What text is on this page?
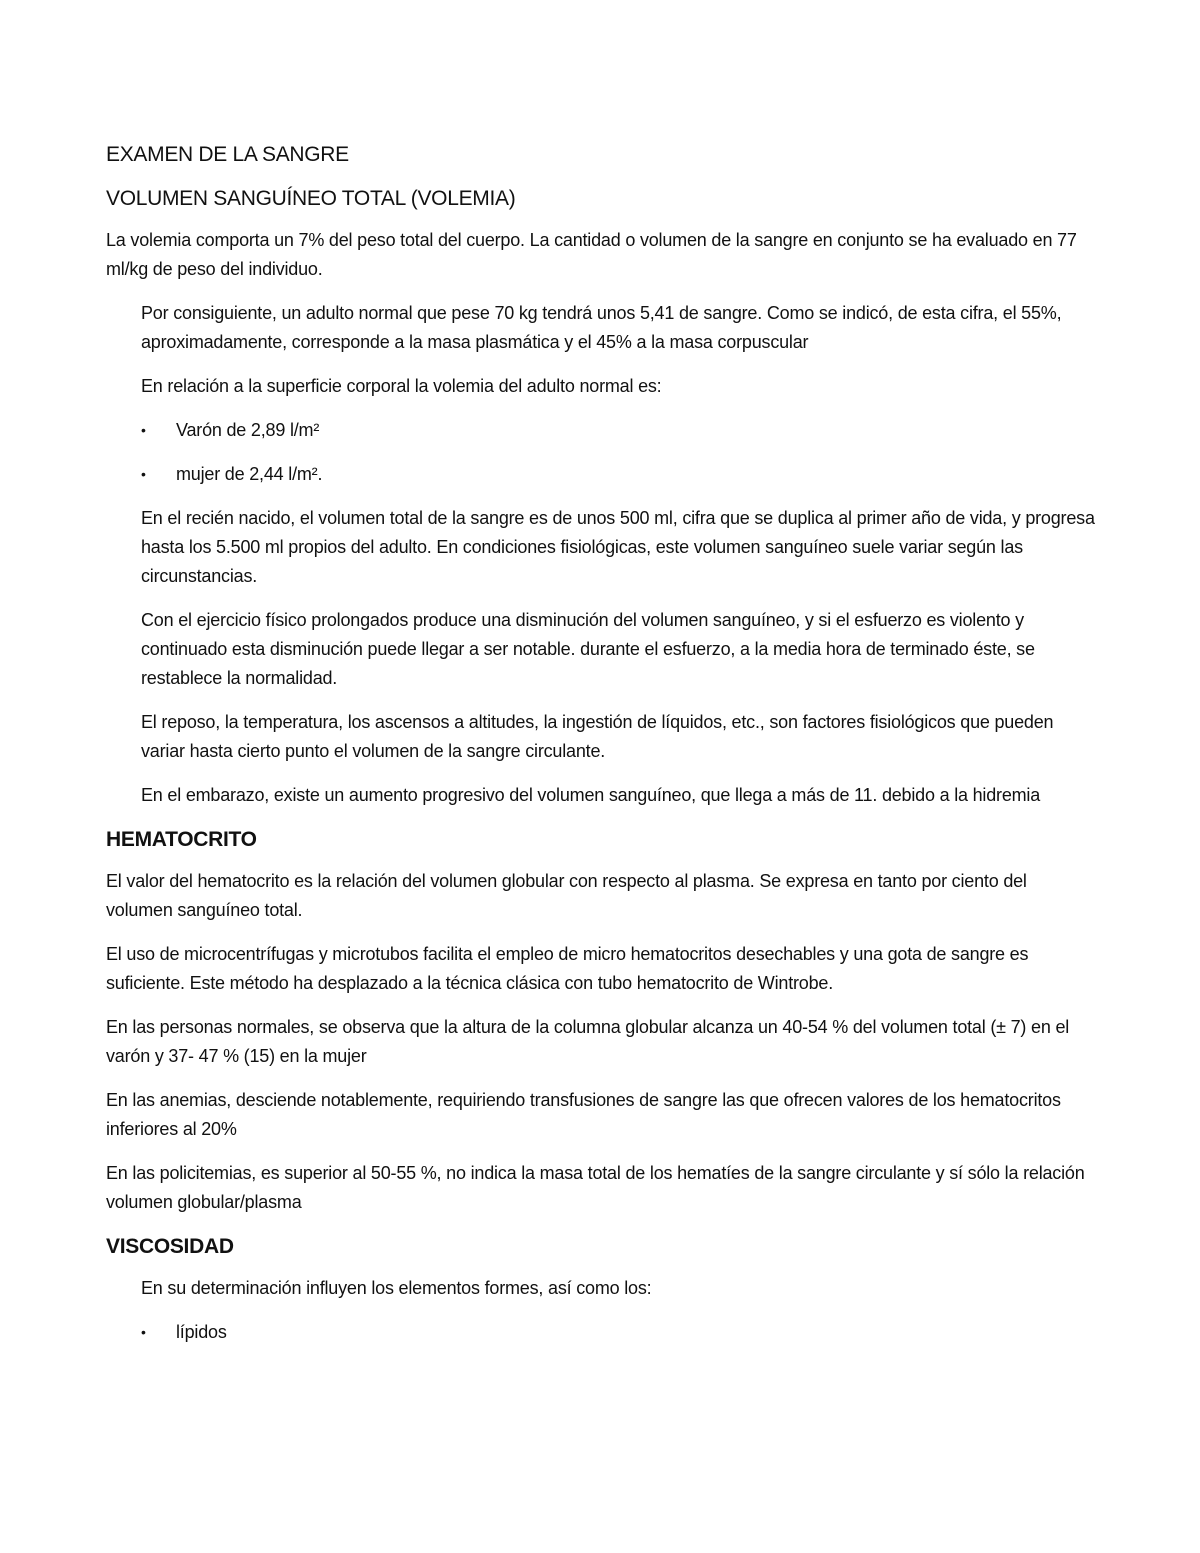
EXAMEN DE LA SANGRE
VOLUMEN SANGUÍNEO TOTAL (VOLEMIA)

La volemia comporta un 7% del peso total del cuerpo. La cantidad o volumen de la sangre en conjunto se ha evaluado en 77 ml/kg de peso del individuo.

Por consiguiente, un adulto normal que pese 70 kg tendrá unos 5,41 de sangre. Como se indicó, de esta cifra, el 55%, aproximadamente, corresponde a la masa plasmática y el 45% a la masa corpuscular

En relación a la superficie corporal la volemia del adulto normal es:

• Varón de 2,89 l/m²
• mujer de 2,44 l/m².

En el recién nacido, el volumen total de la sangre es de unos 500 ml, cifra que se duplica al primer año de vida, y progresa hasta los 5.500 ml propios del adulto. En condiciones fisiológicas, este volumen sanguíneo suele variar según las circunstancias.

Con el ejercicio físico prolongados produce una disminución del volumen sanguíneo, y si el esfuerzo es violento y continuado esta disminución puede llegar a ser notable. durante el esfuerzo, a la media hora de terminado éste, se restablece la normalidad.

El reposo, la temperatura, los ascensos a altitudes, la ingestión de líquidos, etc., son factores fisiológicos que pueden variar hasta cierto punto el volumen de la sangre circulante.

En el embarazo, existe un aumento progresivo del volumen sanguíneo, que llega a más de 11. debido a la hidremia

HEMATOCRITO

El valor del hematocrito es la relación del volumen globular con respecto al plasma. Se expresa en tanto por ciento del volumen sanguíneo total.

El uso de microcentrífugas y microtubos facilita el empleo de micro hematocritos desechables y una gota de sangre es suficiente. Este método ha desplazado a la técnica clásica con tubo hematocrito de Wintrobe.

En las personas normales, se observa que la altura de la columna globular alcanza un 40-54 % del volumen total (± 7) en el varón y 37- 47 % (15) en la mujer

En las anemias, desciende notablemente, requiriendo transfusiones de sangre las que ofrecen valores de los hematocritos inferiores al 20%

En las policitemias, es superior al 50-55 %, no indica la masa total de los hematíes de la sangre circulante y sí sólo la relación volumen globular/plasma

VISCOSIDAD

En su determinación influyen los elementos formes, así como los:

• lípidos
